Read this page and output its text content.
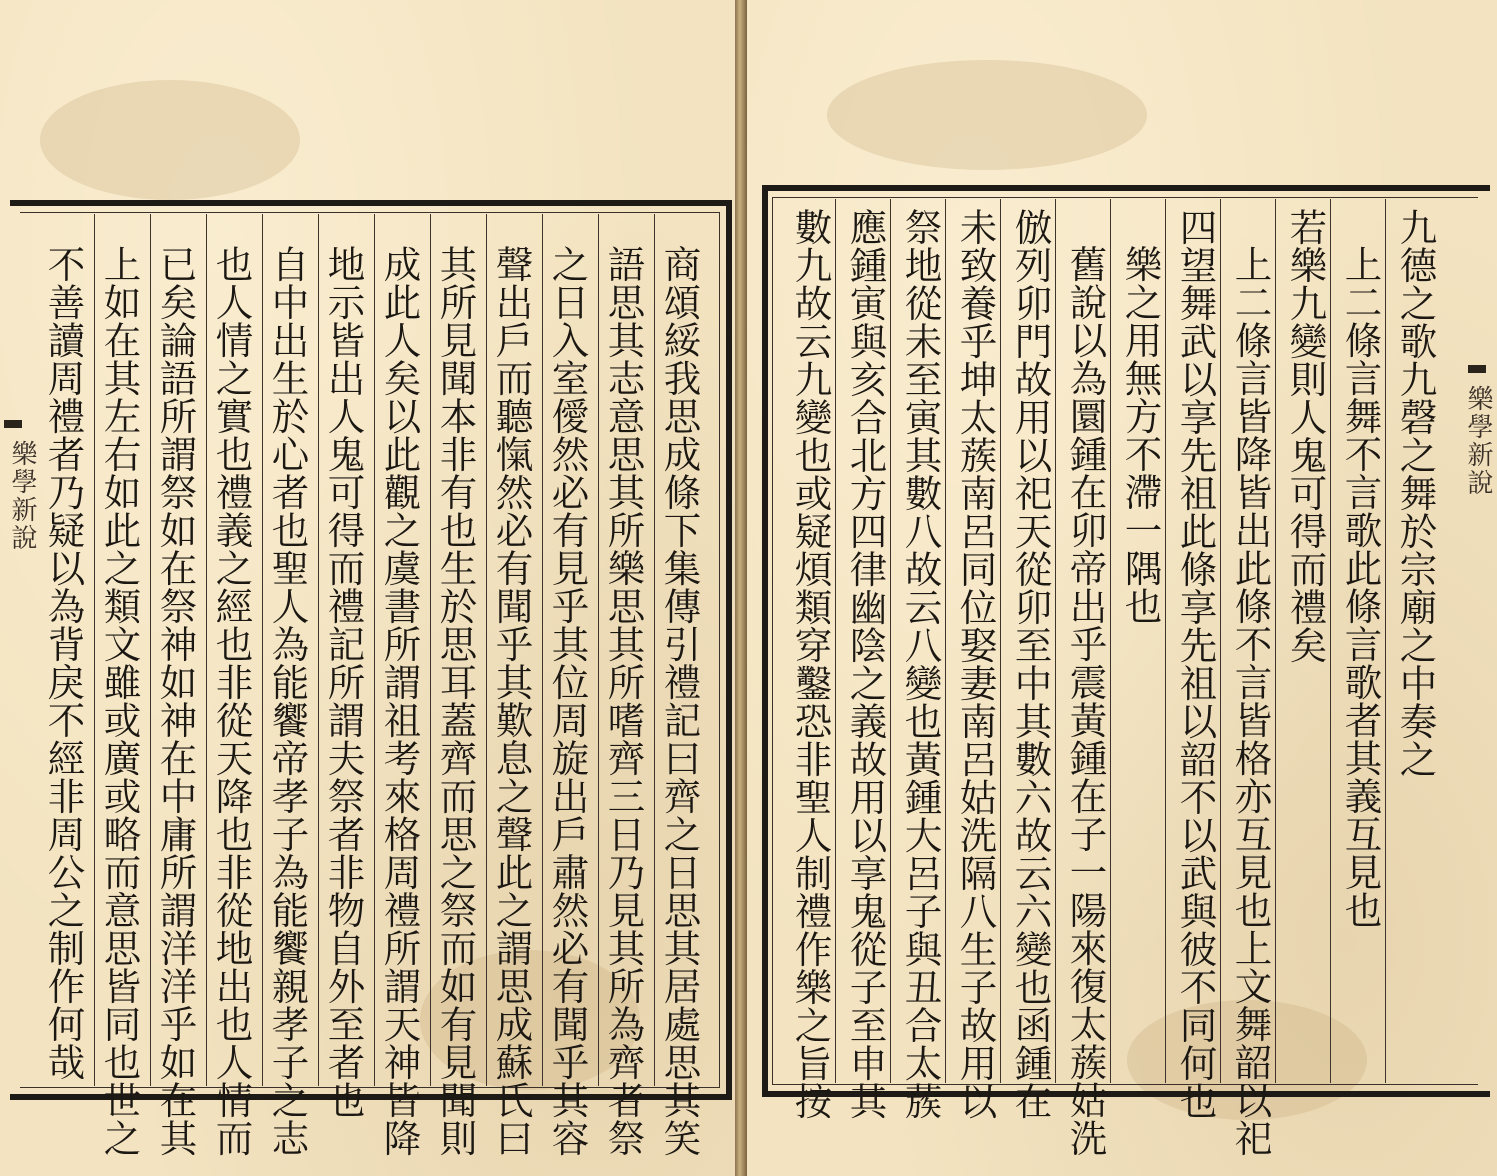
樂學新說	樂學新說
商頌綏我思成條下集傳引禮記曰齊之日思其居處思其笑
語思其志意思其所樂思其所嗜齊三日乃見其所為齊者祭
之日入室僾然必有見乎其位周旋出戶肅然必有聞乎其容
聲出戶而聽愾然必有聞乎其歎息之聲此之謂思成蘇氏曰
其所見聞本非有也生於思耳蓋齊而思之祭而如有見聞則
成此人矣以此觀之虞書所謂祖考來格周禮所謂天神皆降
地示皆出人鬼可得而禮記所謂夫祭者非物自外至者也
自中出生於心者也聖人為能饗帝孝子為能饗親孝子之志
也人情之實也禮義之經也非從天降也非從地出也人情而
已矣論語所謂祭如在祭神如神在中庸所謂洋洋乎如在其
上如在其左右如此之類文雖或廣或略而意思皆同也世之
不善讀周禮者乃疑以為背戾不經非周公之制作何哉	九德之歌九磬之舞於宗廟之中奏之
上二條言舞不言歌此條言歌者其義互見也
若樂九變則人鬼可得而禮矣
上二條言皆降皆出此條不言皆格亦互見也上文舞韶以祀
四望舞武以享先祖此條享先祖以韶不以武與彼不同何也
樂之用無方不滯一隅也
舊說以為圜鍾在卯帝出乎震黃鍾在子一陽來復太蔟姑洗
倣列卯門故用以祀天從卯至中其數六故云六變也函鍾在
未致養乎坤太蔟南呂同位娶妻南呂姑洗隔八生子故用以
祭地從未至寅其數八故云八變也黃鍾大呂子與丑合太蔟
應鍾寅與亥合北方四律幽陰之義故用以享鬼從子至申其
數九故云九變也或疑煩類穿鑿恐非聖人制禮作樂之旨按
